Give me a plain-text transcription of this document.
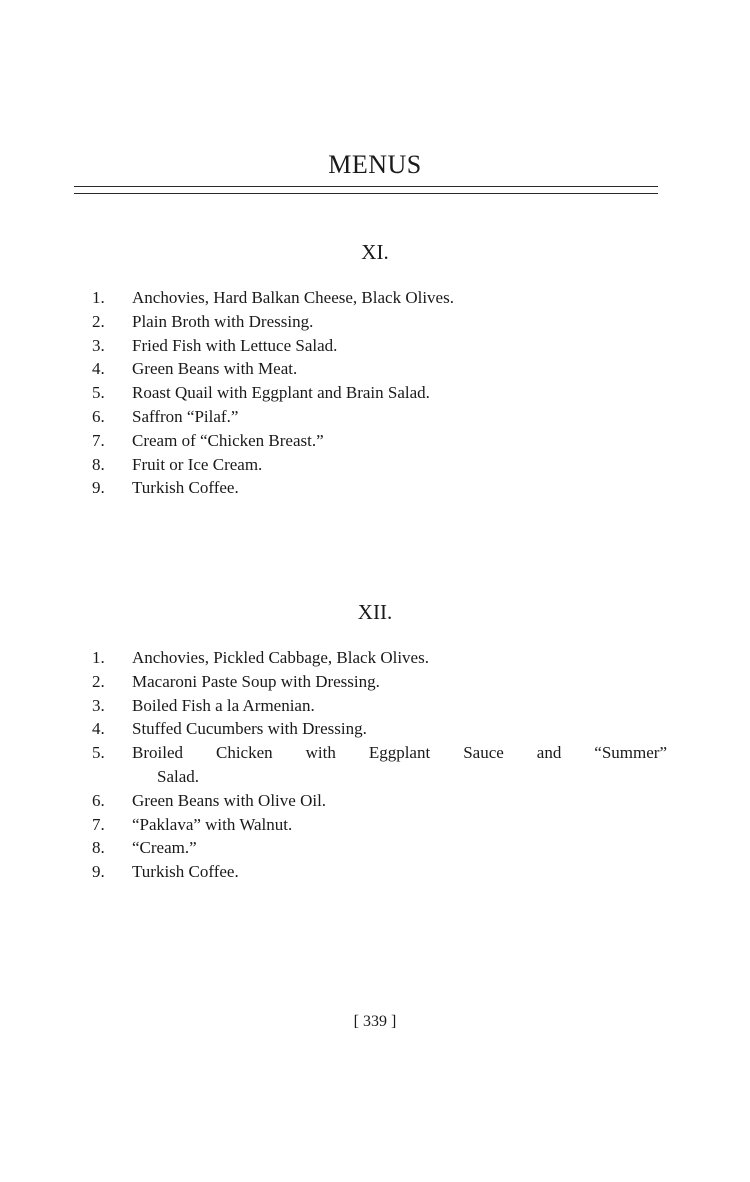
MENUS
XI.
1.	Anchovies, Hard Balkan Cheese, Black Olives.
2.	Plain Broth with Dressing.
3.	Fried Fish with Lettuce Salad.
4.	Green Beans with Meat.
5.	Roast Quail with Eggplant and Brain Salad.
6.	Saffron “Pilaf.”
7.	Cream of “Chicken Breast.”
8.	Fruit or Ice Cream.
9.	Turkish Coffee.
XII.
1.	Anchovies, Pickled Cabbage, Black Olives.
2.	Macaroni Paste Soup with Dressing.
3.	Boiled Fish a la Armenian.
4.	Stuffed Cucumbers with Dressing.
5.	Broiled Chicken with Eggplant Sauce and “Summer”
Salad.
6.	Green Beans with Olive Oil.
7.	“Paklava” with Walnut.
8.	“Cream.”
9.	Turkish Coffee.
[ 339 ]
